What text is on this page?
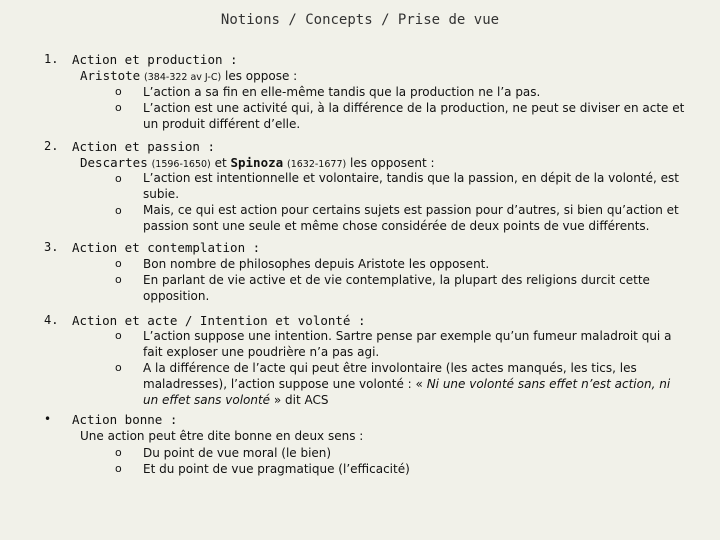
Notions / Concepts / Prise de vue
1. Action et production :
Aristote (384-322 av J-C) les oppose :
o L’action a sa fin en elle-même tandis que la production ne l’a pas.
o L’action est une activité qui, à la différence de la production, ne peut se diviser en acte et un produit différent d’elle.
2. Action et passion :
Descartes (1596-1650) et Spinoza (1632-1677) les opposent :
o L’action est intentionnelle et volontaire, tandis que la passion, en dépit de la volonté, est subie.
o Mais, ce qui est action pour certains sujets est passion pour d’autres, si bien qu’action et passion sont une seule et même chose considérée de deux points de vue différents.
3. Action et contemplation :
o Bon nombre de philosophes depuis Aristote les opposent.
o En parlant de vie active et de vie contemplative, la plupart des religions durcit cette opposition.
4. Action et acte / Intention et volonté :
o L’action suppose une intention. Sartre pense par exemple qu’un fumeur maladroit qui a fait exploser une poudrière n’a pas agi.
o A la différence de l’acte qui peut être involontaire (les actes manqués, les tics, les maladresses), l’action suppose une volonté : « Ni une volonté sans effet n’est action, ni un effet sans volonté » dit ACS
• Action bonne :
Une action peut être dite bonne en deux sens :
o Du point de vue moral (le bien)
o Et du point de vue pragmatique (l’efficacité)
